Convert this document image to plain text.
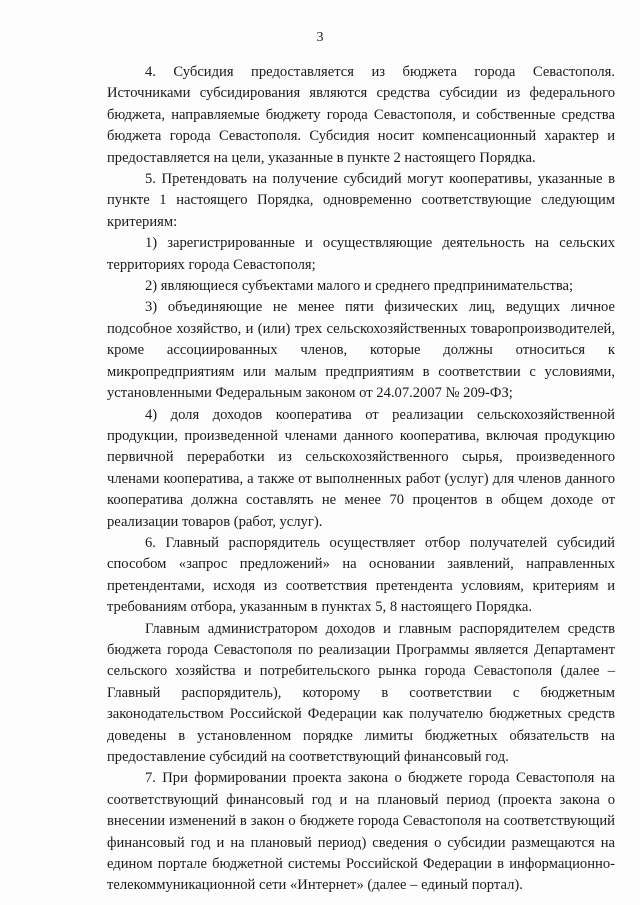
3

4. Субсидия предоставляется из бюджета города Севастополя. Источниками субсидирования являются средства субсидии из федерального бюджета, направляемые бюджету города Севастополя, и собственные средства бюджета города Севастополя. Субсидия носит компенсационный характер и предоставляется на цели, указанные в пункте 2 настоящего Порядка.

5. Претендовать на получение субсидий могут кооперативы, указанные в пункте 1 настоящего Порядка, одновременно соответствующие следующим критериям:

1) зарегистрированные и осуществляющие деятельность на сельских территориях города Севастополя;

2) являющиеся субъектами малого и среднего предпринимательства;

3) объединяющие не менее пяти физических лиц, ведущих личное подсобное хозяйство, и (или) трех сельскохозяйственных товаропроизводителей, кроме ассоциированных членов, которые должны относиться к микропредприятиям или малым предприятиям в соответствии с условиями, установленными Федеральным законом от 24.07.2007 № 209-ФЗ;

4) доля доходов кооператива от реализации сельскохозяйственной продукции, произведенной членами данного кооператива, включая продукцию первичной переработки из сельскохозяйственного сырья, произведенного членами кооператива, а также от выполненных работ (услуг) для членов данного кооператива должна составлять не менее 70 процентов в общем доходе от реализации товаров (работ, услуг).

6. Главный распорядитель осуществляет отбор получателей субсидий способом «запрос предложений» на основании заявлений, направленных претендентами, исходя из соответствия претендента условиям, критериям и требованиям отбора, указанным в пунктах 5, 8 настоящего Порядка.

Главным администратором доходов и главным распорядителем средств бюджета города Севастополя по реализации Программы является Департамент сельского хозяйства и потребительского рынка города Севастополя (далее – Главный распорядитель), которому в соответствии с бюджетным законодательством Российской Федерации как получателю бюджетных средств доведены в установленном порядке лимиты бюджетных обязательств на предоставление субсидий на соответствующий финансовый год.

7. При формировании проекта закона о бюджете города Севастополя на соответствующий финансовый год и на плановый период (проекта закона о внесении изменений в закон о бюджете города Севастополя на соответствующий финансовый год и на плановый период) сведения о субсидии размещаются на едином портале бюджетной системы Российской Федерации в информационно-телекоммуникационной сети «Интернет» (далее – единый портал).
